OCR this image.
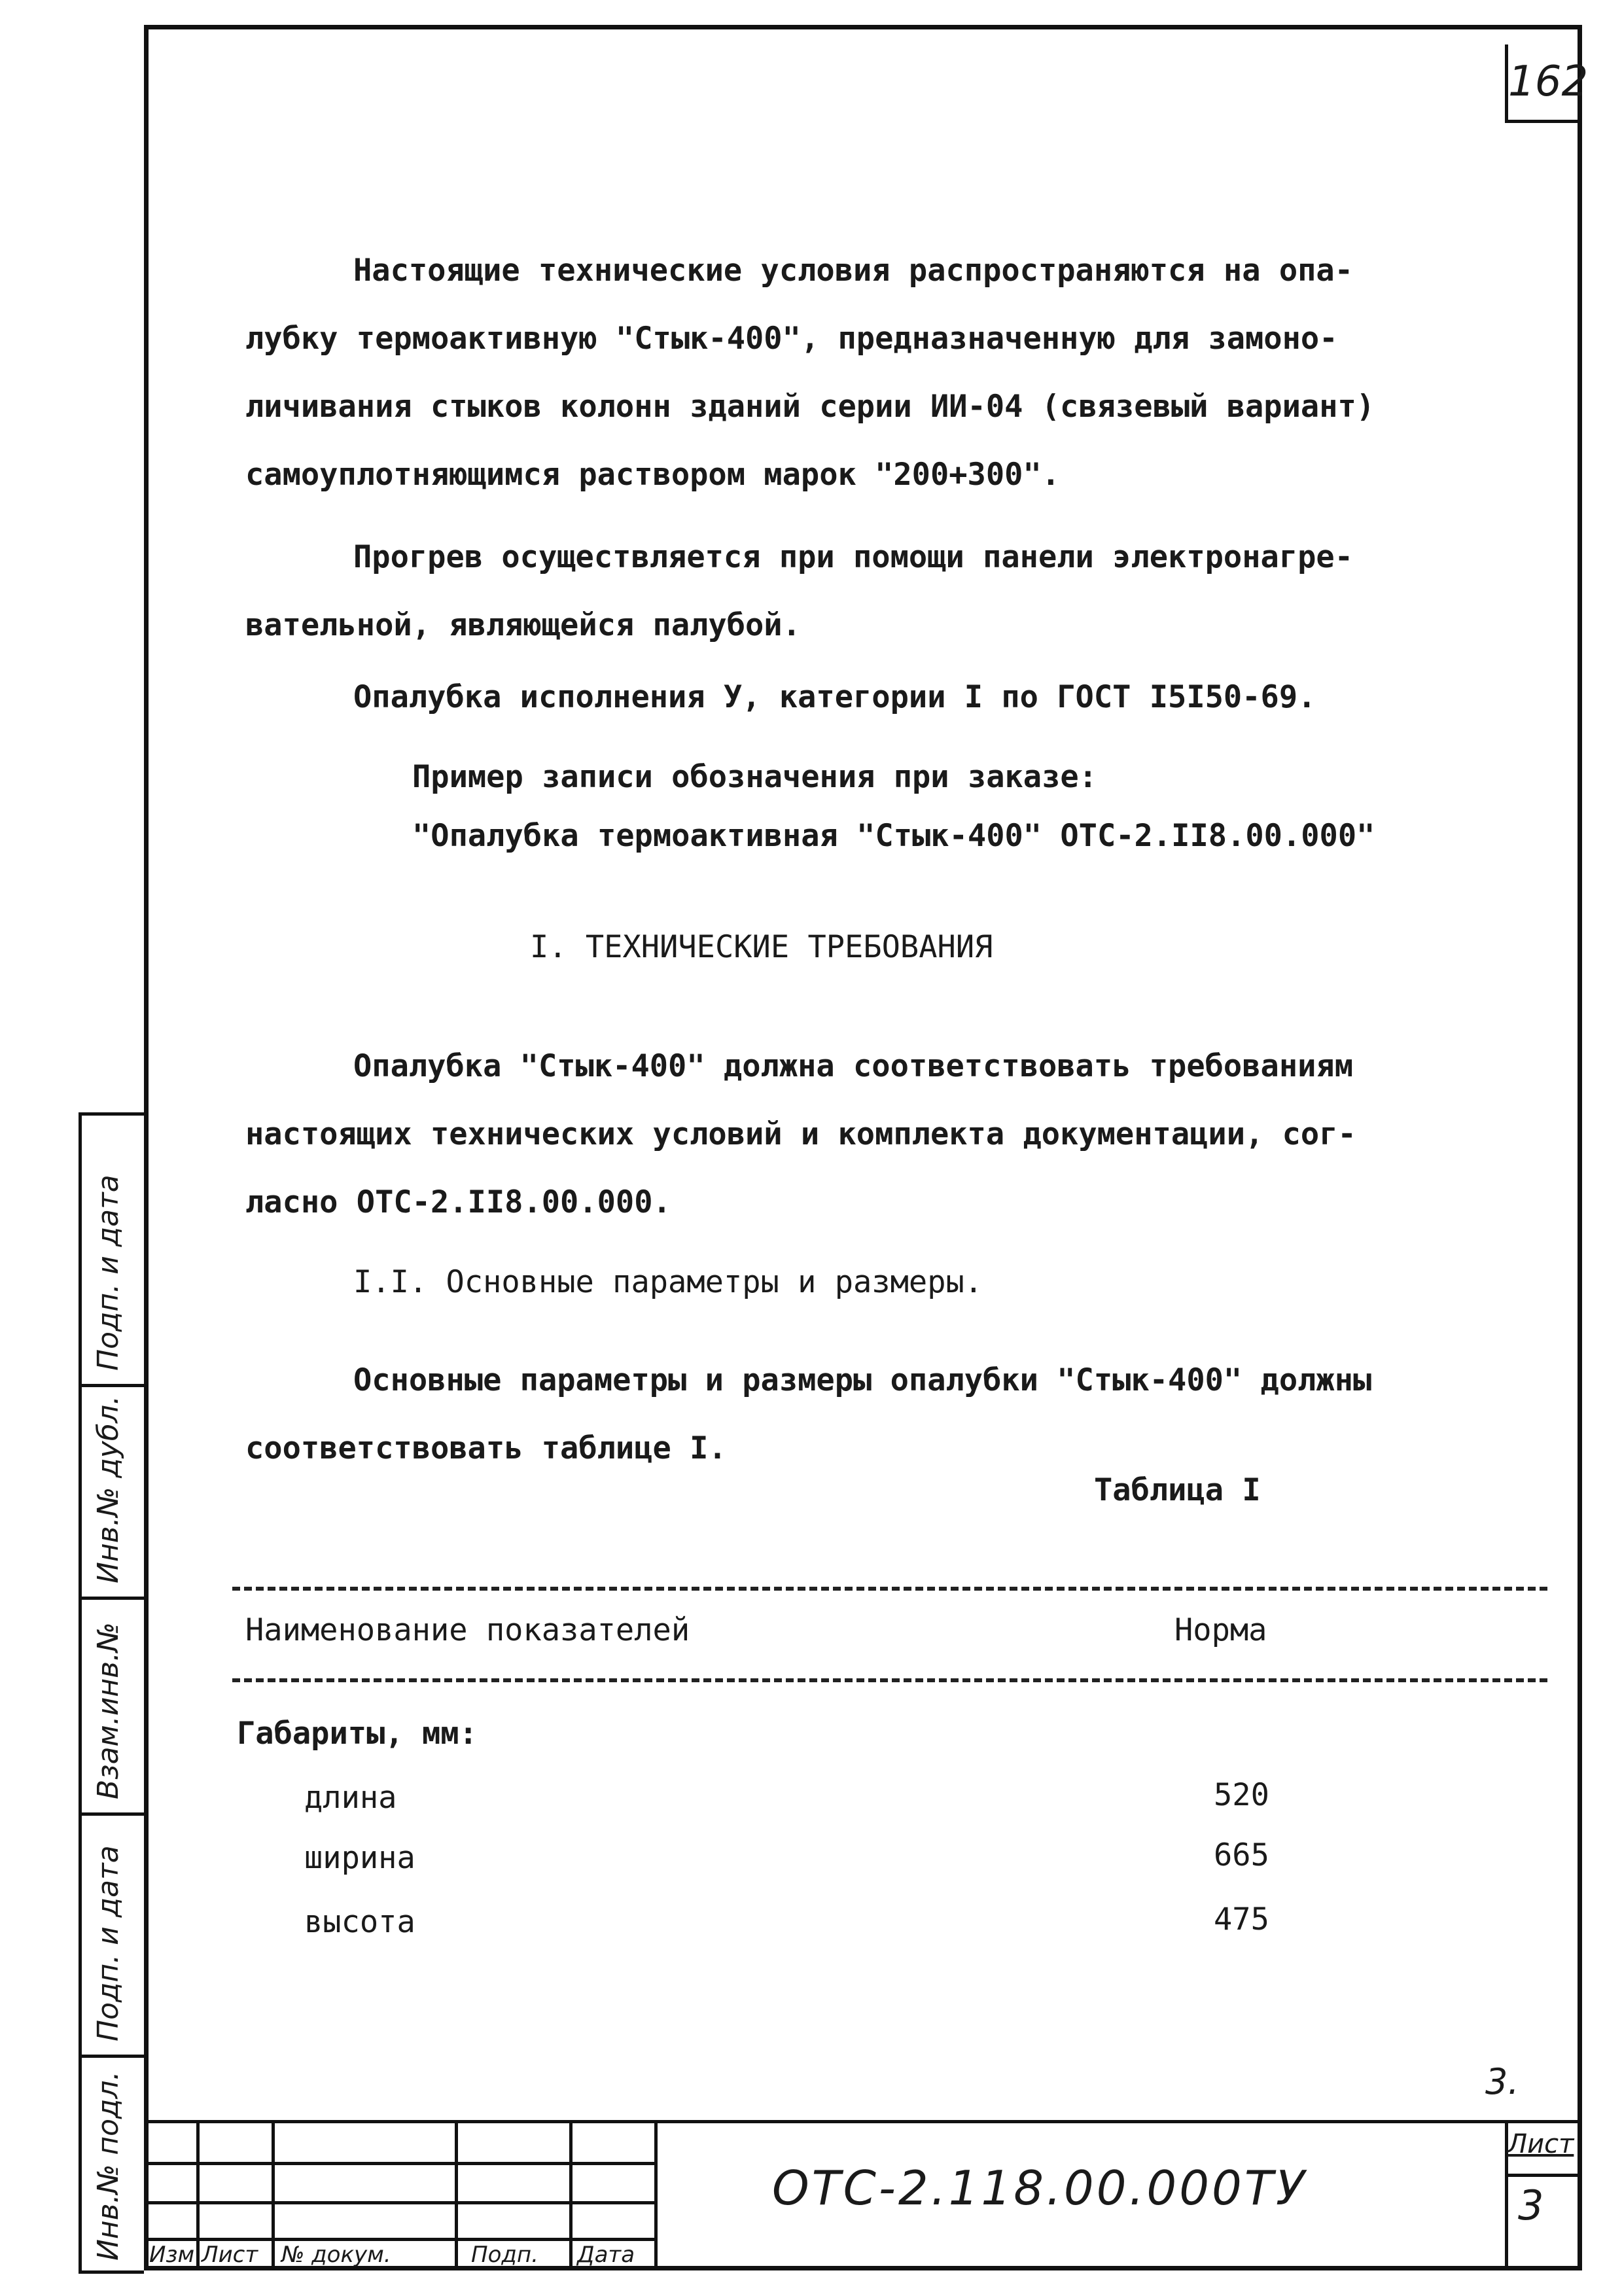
162
Настоящие технические условия распространяются на опа-
лубку термоактивную "Стык-400", предназначенную для замоно-
личивания стыков колонн зданий серии ИИ-04 (связевый вариант)
самоуплотняющимся раствором марок "200+300".
Прогрев осуществляется при помощи панели электронагре-
вательной, являющейся палубой.
Опалубка исполнения У, категории I по ГОСТ I5I50-69.
Пример записи обозначения при заказе:
"Опалубка термоактивная "Стык-400" ОТС-2.II8.00.000"
I. ТЕХНИЧЕСКИЕ ТРЕБОВАНИЯ
Опалубка "Стык-400" должна соответствовать требованиям
настоящих технических условий и комплекта документации, сог-
ласно ОТС-2.II8.00.000.
I.I. Основные параметры и размеры.
Основные параметры и размеры опалубки "Стык-400" должны
соответствовать таблице I.
Таблица I
Наименование показателей	Норма
Габариты, мм:
длина	520
ширина	665
высота	475
3.
Изм Лист № докум.	Подп. Дата
ОТС-2.118.00.000ТУ
Лист
3
Инв.№ подл.
Подп. и дата
Взам.инв.№
Инв.№ дубл.
Подп. и дата
